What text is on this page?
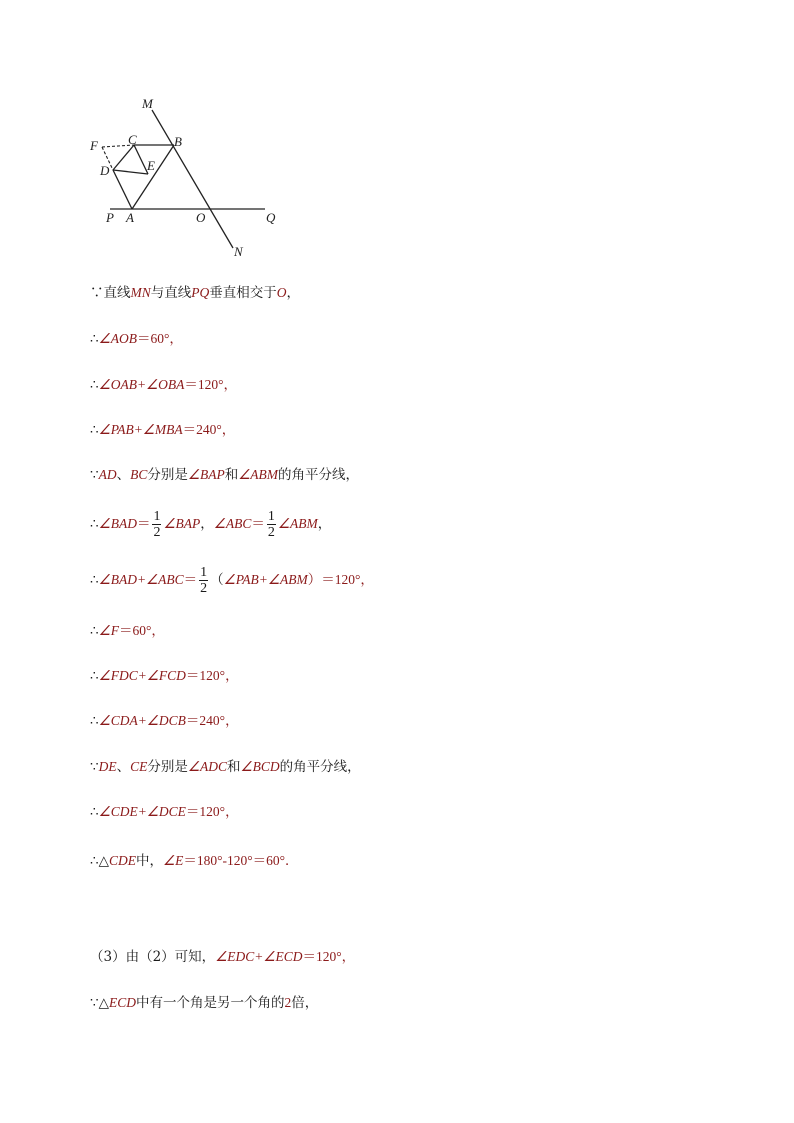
M
N
F C	B
D	E
P A	O	Q
∵直线MN与直线PQ垂直相交于O，
∴∠AOB＝60°，
∴∠OAB+∠OBA＝120°，
∴∠PAB+∠MBA＝240°，
∵AD、BC分别是∠BAP和∠ABM的角平分线，
∴∠BAD＝ $\frac{1}{2}$ ∠BAP，∠ABC＝ $\frac{1}{2}$ ∠ABM，
∴∠BAD+∠ABC＝ $\frac{1}{2}$ （∠PAB+∠ABM）＝120°，
∴∠F＝60°，
∴∠FDC+∠FCD＝120°，
∴∠CDA+∠DCB＝240°，
∵DE、CE分别是∠ADC和∠BCD的角平分线，
∴∠CDE+∠DCE＝120°，
∴△CDE中，∠E＝180°-120°＝60°．
（3）由（2）可知，∠EDC+∠ECD＝120°，
∵△ECD中有一个角是另一个角的2倍，
